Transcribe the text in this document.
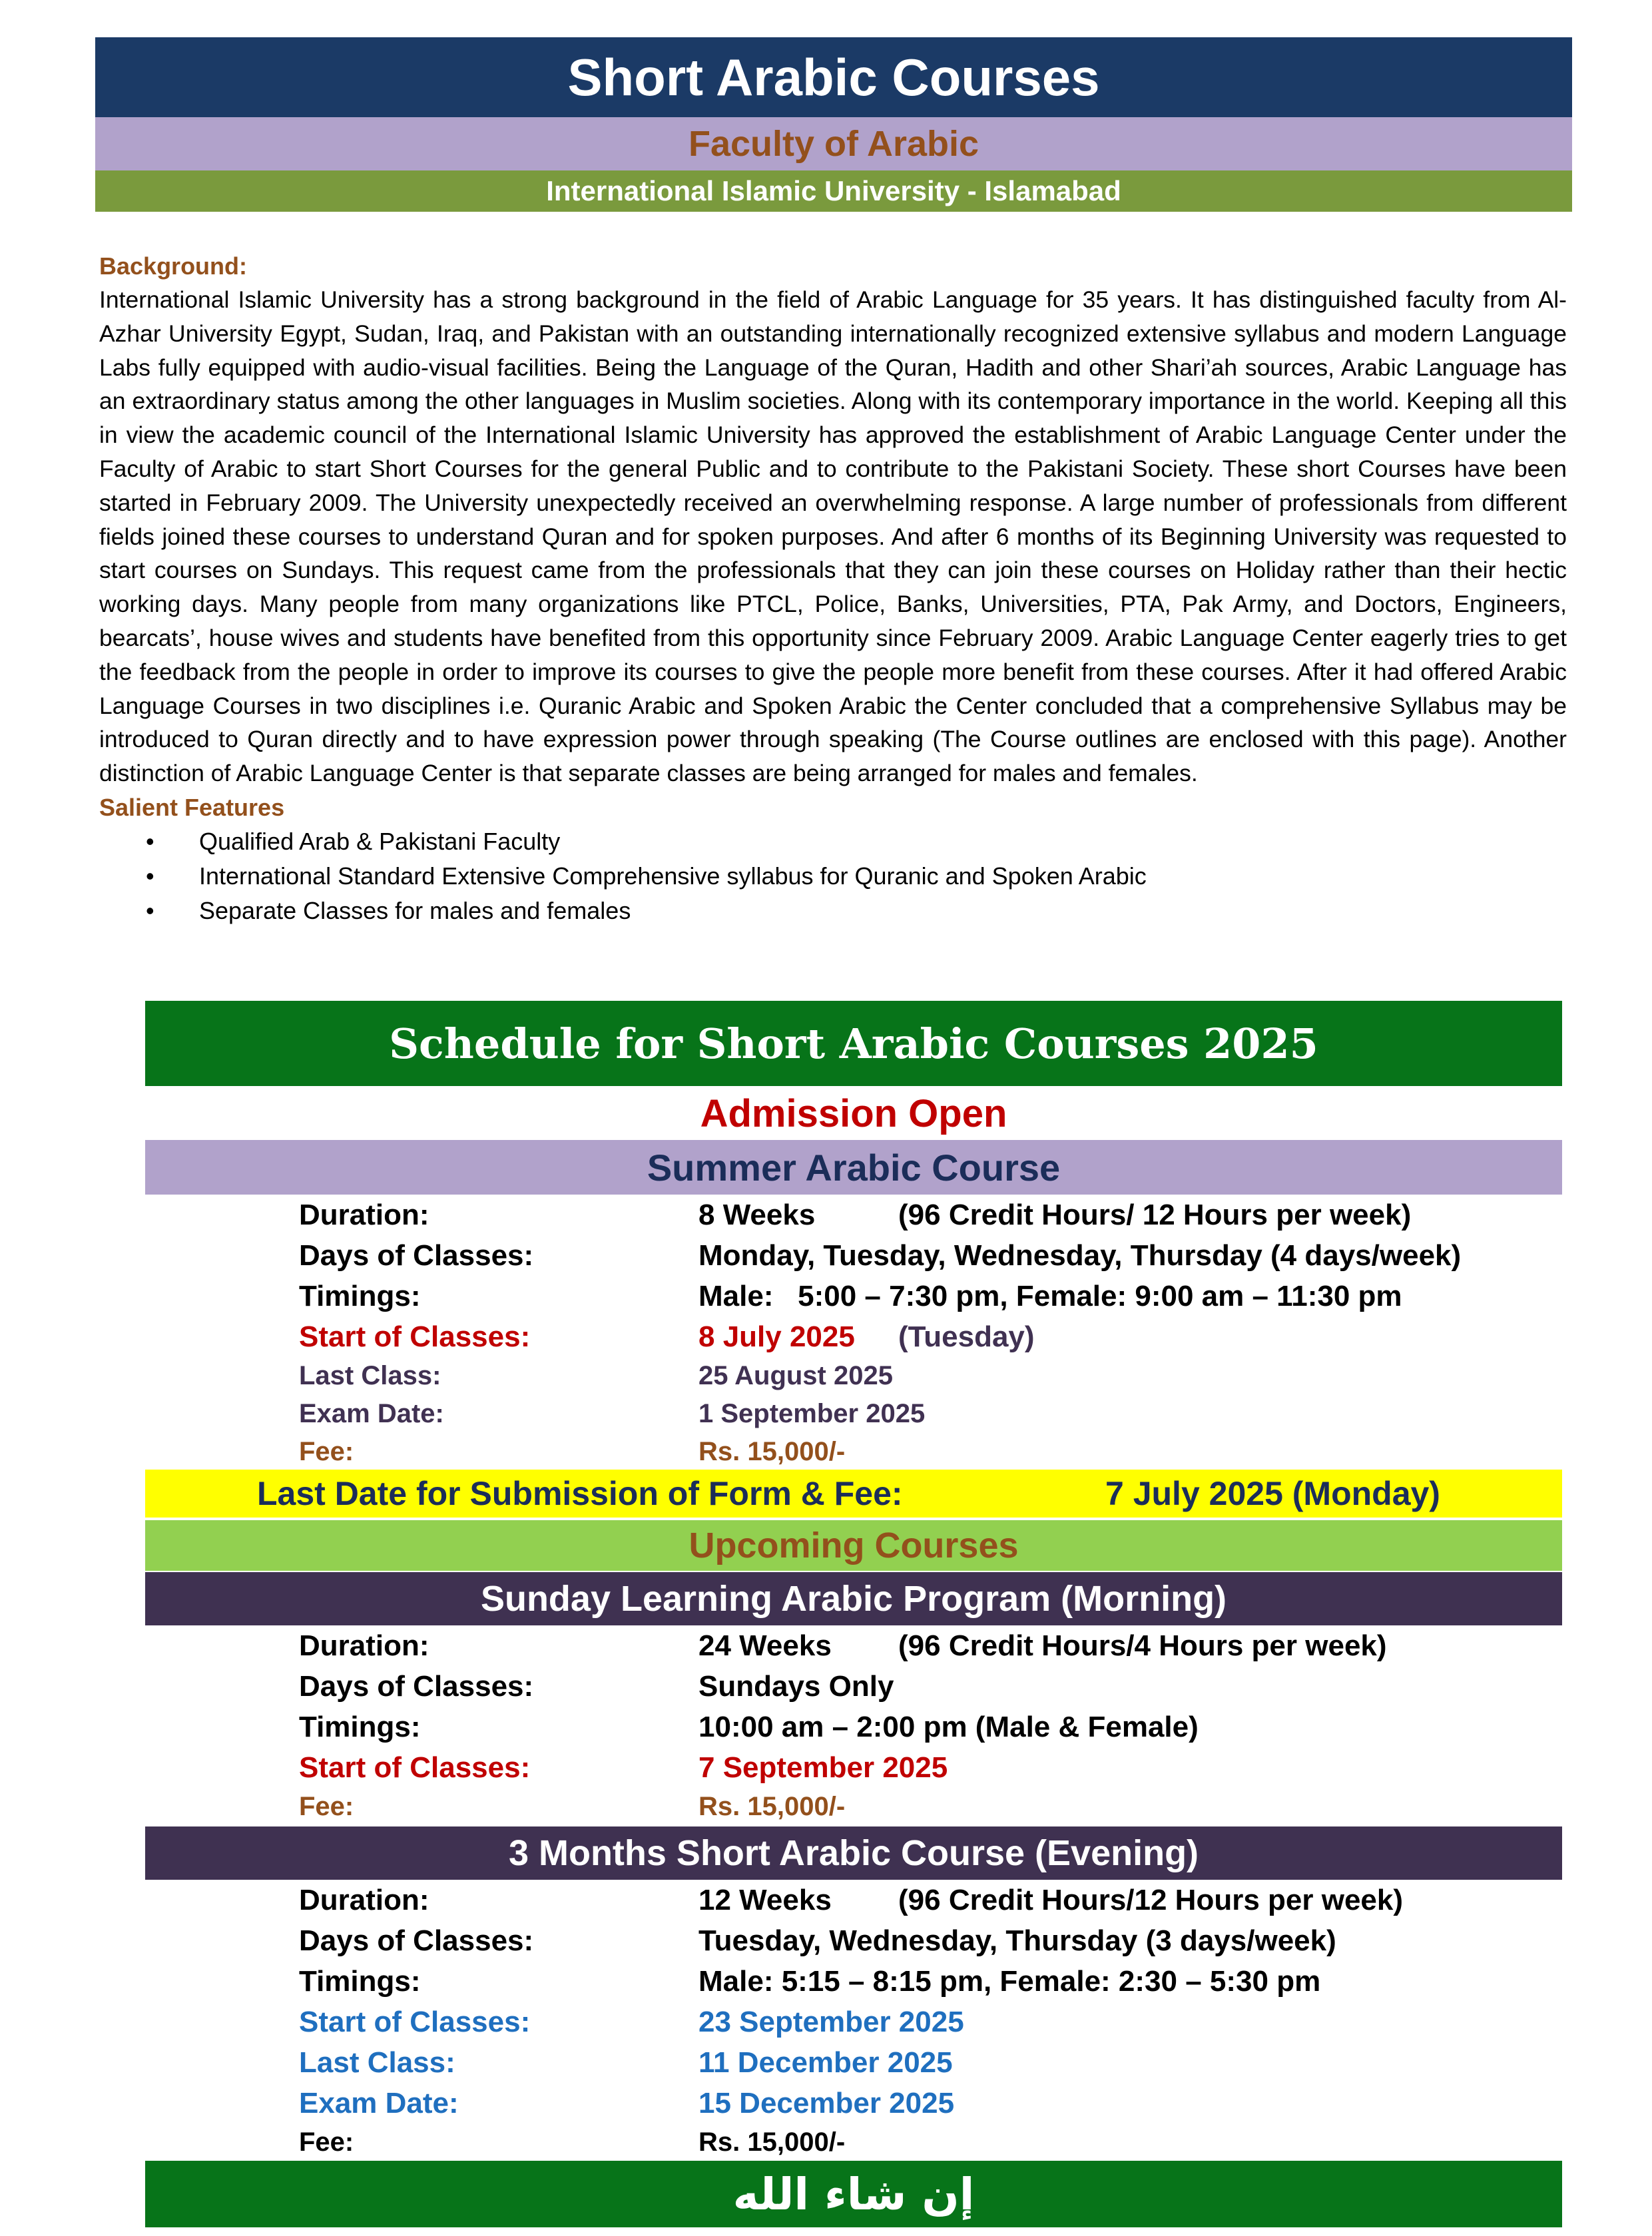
Short Arabic Courses
Faculty of Arabic
International Islamic University - Islamabad
Background:

International Islamic University has a strong background in the field of Arabic Language for 35 years. It has distinguished faculty from Al-Azhar University Egypt, Sudan, Iraq, and Pakistan with an outstanding internationally recognized extensive syllabus and modern Language Labs fully equipped with audio-visual facilities. Being the Language of the Quran, Hadith and other Shari’ah sources, Arabic Language has an extraordinary status among the other languages in Muslim societies. Along with its contemporary importance in the world. Keeping all this in view the academic council of the International Islamic University has approved the establishment of Arabic Language Center under the Faculty of Arabic to start Short Courses for the general Public and to contribute to the Pakistani Society. These short Courses have been started in February 2009. The University unexpectedly received an overwhelming response. A large number of professionals from different fields joined these courses to understand Quran and for spoken purposes. And after 6 months of its Beginning University was requested to start courses on Sundays. This request came from the professionals that they can join these courses on Holiday rather than their hectic working days. Many people from many organizations like PTCL, Police, Banks, Universities, PTA, Pak Army, and Doctors, Engineers, bearcats’, house wives and students have benefited from this opportunity since February 2009. Arabic Language Center eagerly tries to get the feedback from the people in order to improve its courses to give the people more benefit from these courses. After it had offered Arabic Language Courses in two disciplines i.e. Quranic Arabic and Spoken Arabic the Center concluded that a comprehensive Syllabus may be introduced to Quran directly and to have expression power through speaking (The Course outlines are enclosed with this page). Another distinction of Arabic Language Center is that separate classes are being arranged for males and females.

Salient Features
• Qualified Arab & Pakistani Faculty
• International Standard Extensive Comprehensive syllabus for Quranic and Spoken Arabic
• Separate Classes for males and females
Schedule for Short Arabic Courses 2025
Admission Open
Summer Arabic Course
Duration:	8 Weeks	(96 Credit Hours/ 12 Hours per week)
Days of Classes:	Monday, Tuesday, Wednesday, Thursday (4 days/week)
Timings:	Male:   5:00 – 7:30 pm, Female: 9:00 am – 11:30 pm
Start of Classes:	8 July 2025 (Tuesday)
Last Class:	25 August 2025
Exam Date:	1 September 2025
Fee:	Rs. 15,000/-
Last Date for Submission of Form & Fee:	7 July 2025 (Monday)
Upcoming Courses
Sunday Learning Arabic Program (Morning)
Duration:	24 Weeks (96 Credit Hours/4 Hours per week)
Days of Classes:	Sundays Only
Timings:	10:00 am – 2:00 pm (Male & Female)
Start of Classes:	7 September 2025
Fee:	Rs. 15,000/-
3 Months Short Arabic Course (Evening)
Duration:	12 Weeks (96 Credit Hours/12 Hours per week)
Days of Classes:	Tuesday, Wednesday, Thursday (3 days/week)
Timings:	Male: 5:15 – 8:15 pm, Female: 2:30 – 5:30 pm
Start of Classes:	23 September 2025
Last Class:	11 December 2025
Exam Date:	15 December 2025
Fee:	Rs. 15,000/-
إن شاء الله
